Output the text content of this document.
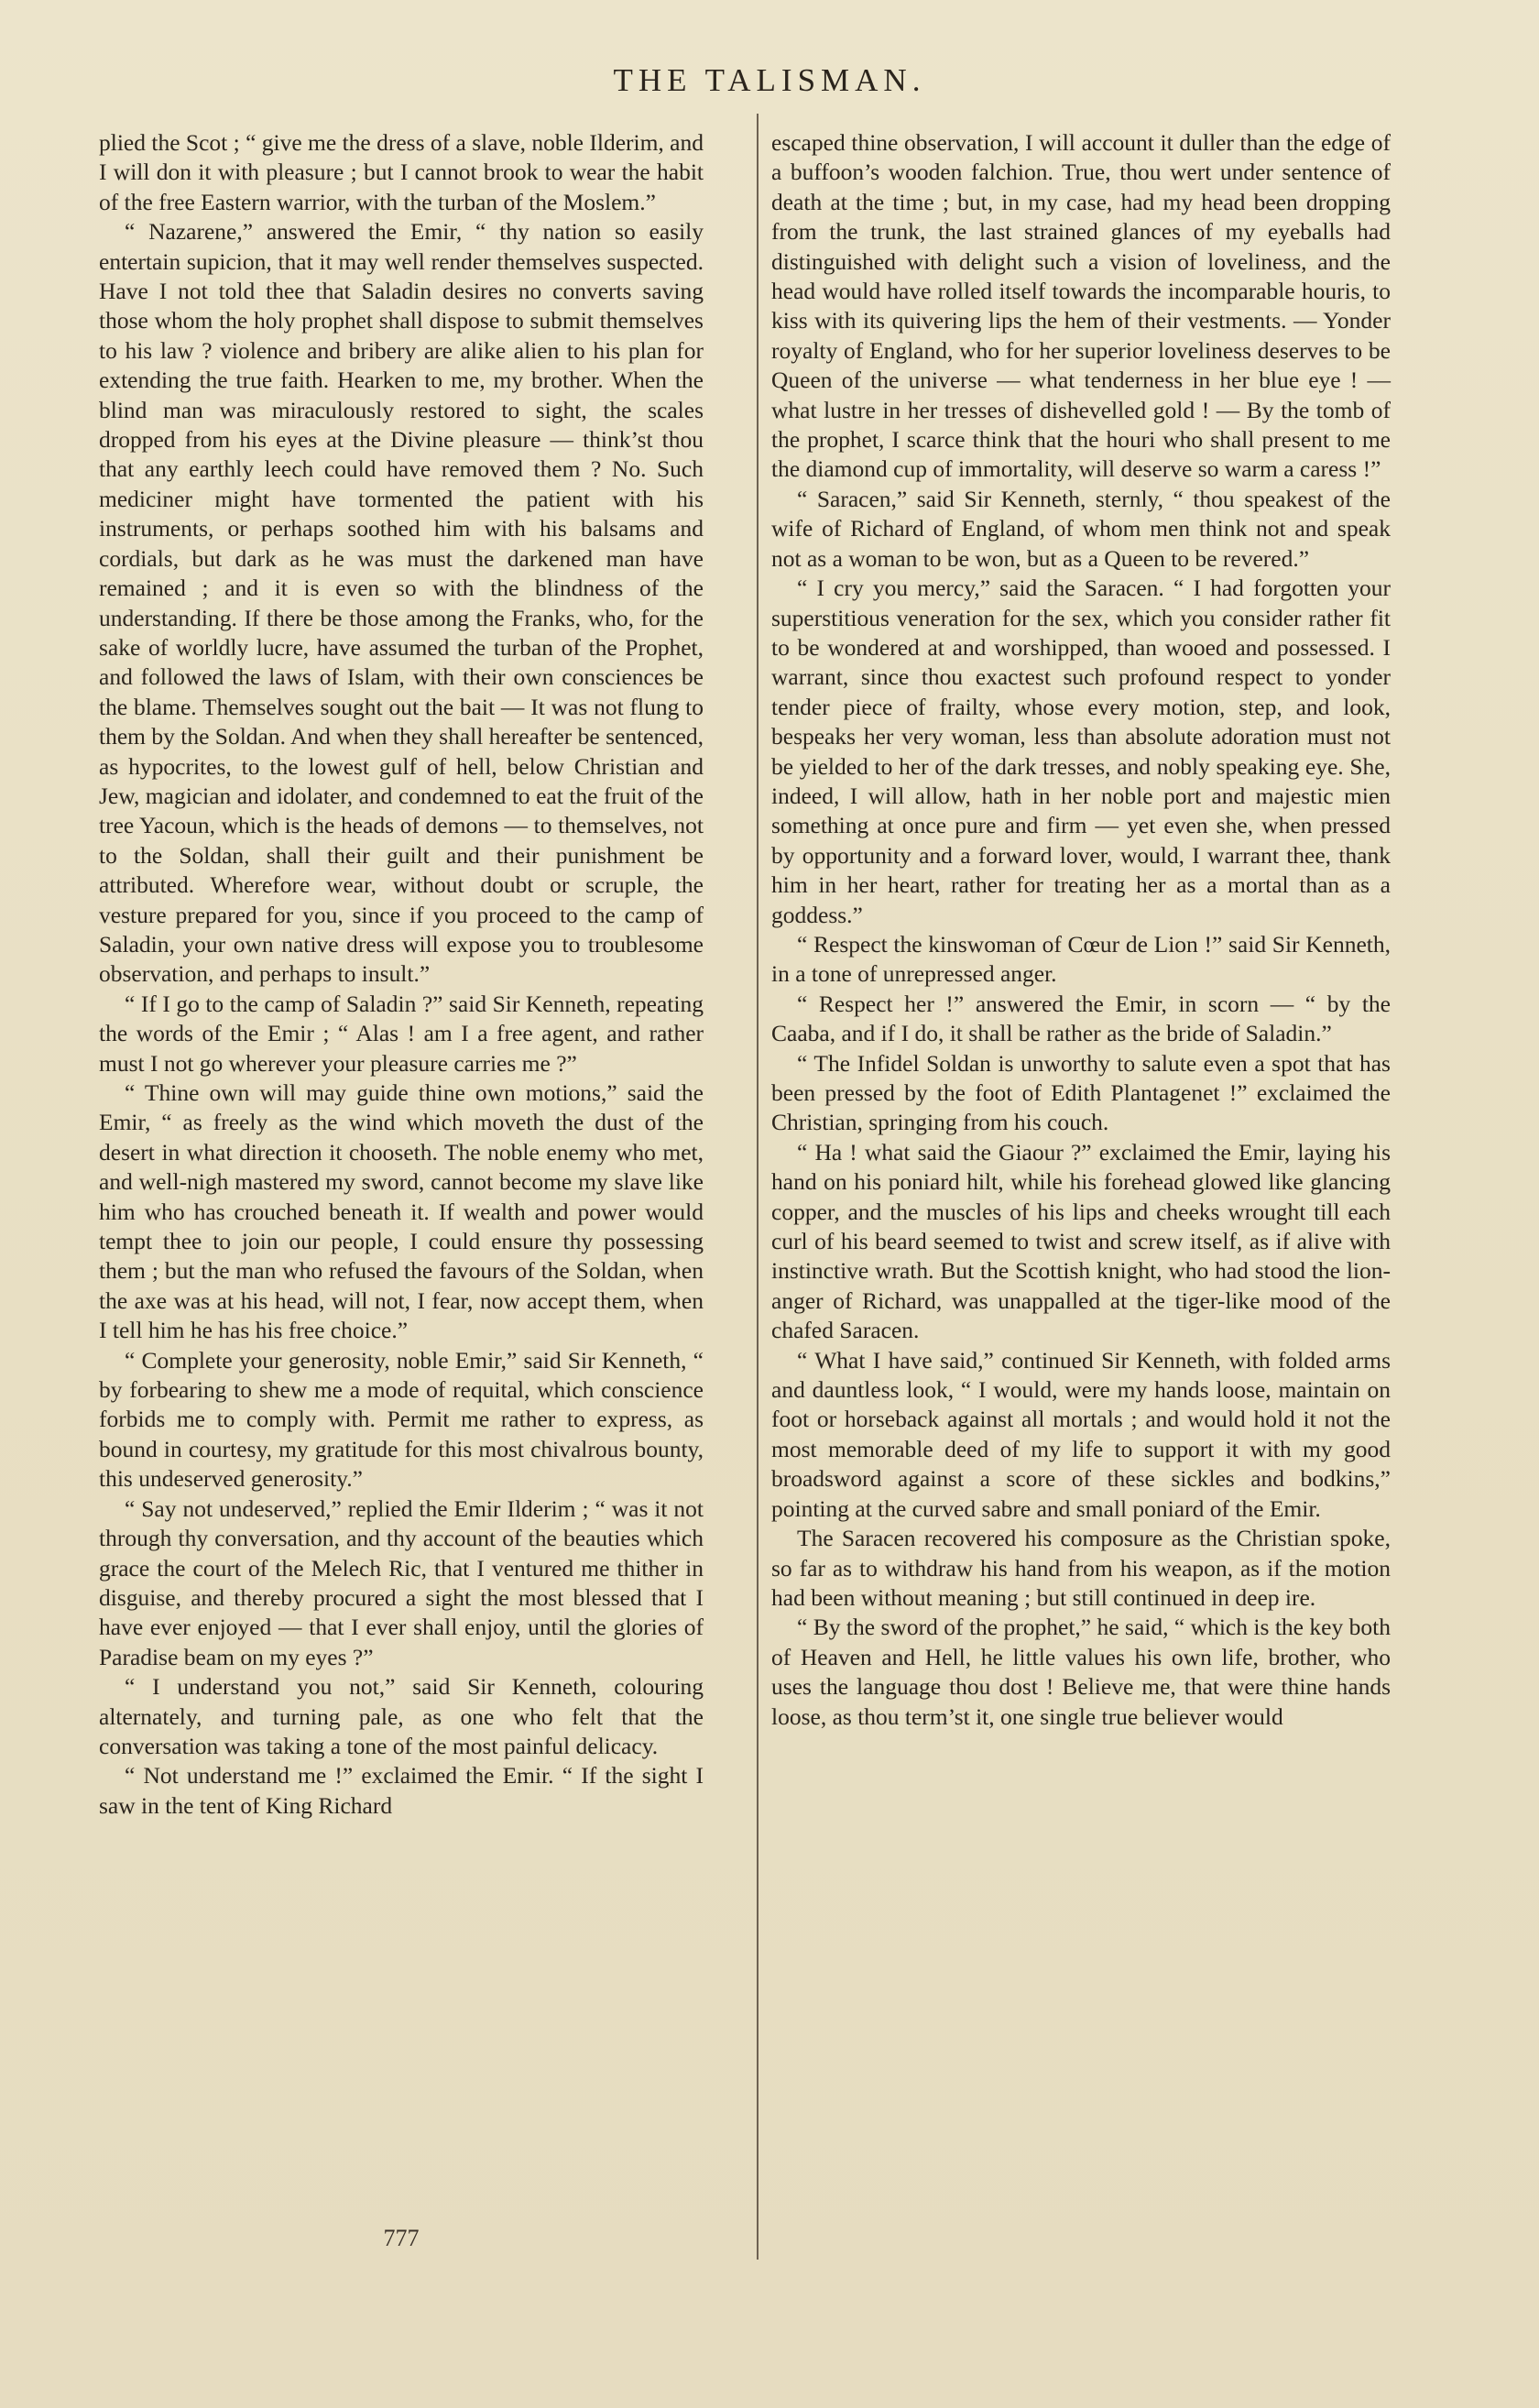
THE TALISMAN.

plied the Scot ; “ give me the dress of a slave, noble Ilderim, and I will don it with pleasure ; but I cannot brook to wear the habit of the free Eastern warrior, with the turban of the Moslem.”

“ Nazarene,” answered the Emir, “ thy nation so easily entertain supicion, that it may well render themselves suspected. Have I not told thee that Saladin desires no converts saving those whom the holy prophet shall dispose to submit themselves to his law ? violence and bribery are alike alien to his plan for extending the true faith. Hearken to me, my brother. When the blind man was miraculously restored to sight, the scales dropped from his eyes at the Divine pleasure — think’st thou that any earthly leech could have removed them ? No. Such mediciner might have tormented the patient with his instruments, or perhaps soothed him with his balsams and cordials, but dark as he was must the darkened man have remained ; and it is even so with the blindness of the understanding. If there be those among the Franks, who, for the sake of worldly lucre, have assumed the turban of the Prophet, and followed the laws of Islam, with their own consciences be the blame. Themselves sought out the bait — It was not flung to them by the Soldan. And when they shall hereafter be sentenced, as hypocrites, to the lowest gulf of hell, below Christian and Jew, magician and idolater, and condemned to eat the fruit of the tree Yacoun, which is the heads of demons — to themselves, not to the Soldan, shall their guilt and their punishment be attributed. Wherefore wear, without doubt or scruple, the vesture prepared for you, since if you proceed to the camp of Saladin, your own native dress will expose you to troublesome observation, and perhaps to insult.”

“ If I go to the camp of Saladin ?” said Sir Kenneth, repeating the words of the Emir ; “ Alas ! am I a free agent, and rather must I not go wherever your pleasure carries me ?”

“ Thine own will may guide thine own motions,” said the Emir, “ as freely as the wind which moveth the dust of the desert in what direction it chooseth. The noble enemy who met, and well-nigh mastered my sword, cannot become my slave like him who has crouched beneath it. If wealth and power would tempt thee to join our people, I could ensure thy possessing them ; but the man who refused the favours of the Soldan, when the axe was at his head, will not, I fear, now accept them, when I tell him he has his free choice.”

“ Complete your generosity, noble Emir,” said Sir Kenneth, “ by forbearing to shew me a mode of requital, which conscience forbids me to comply with. Permit me rather to express, as bound in courtesy, my gratitude for this most chivalrous bounty, this undeserved generosity.”

“ Say not undeserved,” replied the Emir Ilderim ; “ was it not through thy conversation, and thy account of the beauties which grace the court of the Melech Ric, that I ventured me thither in disguise, and thereby procured a sight the most blessed that I have ever enjoyed — that I ever shall enjoy, until the glories of Paradise beam on my eyes ?”

“ I understand you not,” said Sir Kenneth, colouring alternately, and turning pale, as one who felt that the conversation was taking a tone of the most painful delicacy.

“ Not understand me !” exclaimed the Emir. “ If the sight I saw in the tent of King Richard

escaped thine observation, I will account it duller than the edge of a buffoon’s wooden falchion. True, thou wert under sentence of death at the time ; but, in my case, had my head been dropping from the trunk, the last strained glances of my eyeballs had distinguished with delight such a vision of loveliness, and the head would have rolled itself towards the incomparable houris, to kiss with its quivering lips the hem of their vestments. — Yonder royalty of England, who for her superior loveliness deserves to be Queen of the universe — what tenderness in her blue eye ! — what lustre in her tresses of dishevelled gold ! — By the tomb of the prophet, I scarce think that the houri who shall present to me the diamond cup of immortality, will deserve so warm a caress !”

“ Saracen,” said Sir Kenneth, sternly, “ thou speakest of the wife of Richard of England, of whom men think not and speak not as a woman to be won, but as a Queen to be revered.”

“ I cry you mercy,” said the Saracen. “ I had forgotten your superstitious veneration for the sex, which you consider rather fit to be wondered at and worshipped, than wooed and possessed. I warrant, since thou exactest such profound respect to yonder tender piece of frailty, whose every motion, step, and look, bespeaks her very woman, less than absolute adoration must not be yielded to her of the dark tresses, and nobly speaking eye. She, indeed, I will allow, hath in her noble port and majestic mien something at once pure and firm — yet even she, when pressed by opportunity and a forward lover, would, I warrant thee, thank him in her heart, rather for treating her as a mortal than as a goddess.”

“ Respect the kinswoman of Cœur de Lion !” said Sir Kenneth, in a tone of unrepressed anger.

“ Respect her !” answered the Emir, in scorn — “ by the Caaba, and if I do, it shall be rather as the bride of Saladin.”

“ The Infidel Soldan is unworthy to salute even a spot that has been pressed by the foot of Edith Plantagenet !” exclaimed the Christian, springing from his couch.

“ Ha ! what said the Giaour ?” exclaimed the Emir, laying his hand on his poniard hilt, while his forehead glowed like glancing copper, and the muscles of his lips and cheeks wrought till each curl of his beard seemed to twist and screw itself, as if alive with instinctive wrath. But the Scottish knight, who had stood the lion-anger of Richard, was unappalled at the tiger-like mood of the chafed Saracen.

“ What I have said,” continued Sir Kenneth, with folded arms and dauntless look, “ I would, were my hands loose, maintain on foot or horseback against all mortals ; and would hold it not the most memorable deed of my life to support it with my good broadsword against a score of these sickles and bodkins,” pointing at the curved sabre and small poniard of the Emir.

The Saracen recovered his composure as the Christian spoke, so far as to withdraw his hand from his weapon, as if the motion had been without meaning ; but still continued in deep ire.

“ By the sword of the prophet,” he said, “ which is the key both of Heaven and Hell, he little values his own life, brother, who uses the language thou dost ! Believe me, that were thine hands loose, as thou term’st it, one single true believer would

777
